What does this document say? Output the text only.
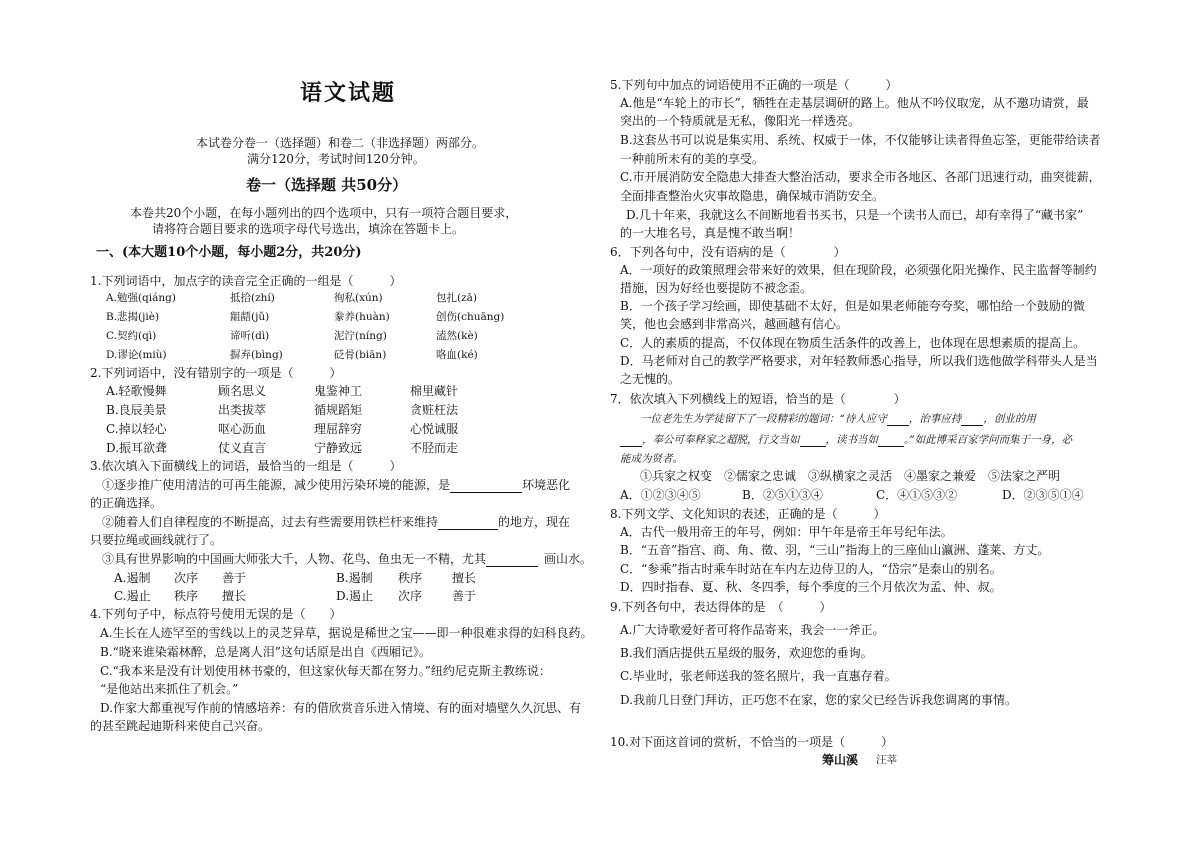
语文试题
本试卷分卷一（选择题）和卷二（非选择题）两部分。
满分120分，考试时间120分钟。
卷一（选择题 共50分）
本卷共20个小题，在每小题列出的四个选项中，只有一项符合题目要求，
请将符合题目要求的选项字母代号选出，填涂在答题卡上。
一、(本大题10个小题，每小题2分，共20分)
1.下列词语中，加点字的读音完全正确的一组是（　　　）
A.勉强(qiáng)	抵拾(zhí)	徇私(xún)	包扎(zā)
B.悲揭(jiè)	龃龉(jǔ)	豢养(huàn)	创伤(chuāng)
C.契约(qì)	谛听(dì)	泥泞(níng)	溘然(kè)
D.谬论(miù)	摒弃(bìng)	砭骨(biān)	咯血(ké)
2.下列词语中，没有错别字的一项是（　　　）
A.轻歌慢舞	顾名思义	鬼鉴神工	棉里藏针
B.良辰美景	出类拔萃	循规蹈矩	贪赃枉法
C.掉以轻心	呕心沥血	理屈辞穷	心悦诚服
D.振耳欲聋	仗义直言	宁静致远	不胫而走
3.依次填入下面横线上的词语，最恰当的一组是（　　　）
①逐步推广使用清洁的可再生能源，减少使用污染环境的能源，是	环境恶化
的正确选择。
②随着人们自律程度的不断提高，过去有些需要用铁栏杆来维持	的地方，现在
只要拉绳或画线就行了。
③具有世界影响的中国画大师张大千，人物、花鸟、鱼虫无一不精，尤其	画山水。
A.遏制 次序 善于	B.遏制 秩序 擅长
C.遏止 秩序 擅长	D.遏止 次序 善于
4.下列句子中，标点符号使用无误的是（　　）
A.生长在人迹罕至的雪线以上的灵芝异草，据说是稀世之宝——即一种很难求得的妇科良药。
B.“晓来谁染霜林醉，总是离人泪”这句话原是出自《西厢记》。
C.“我本来是没有计划使用林书豪的，但这家伙每天都在努力。”纽约尼克斯主教练说：
“是他站出来抓住了机会。”
D.作家大都重视写作前的情感培养：有的借欣赏音乐进入情境、有的面对墙壁久久沉思、有
的甚至跳起迪斯科来使自己兴奋。
5.下列句中加点的词语使用不正确的一项是（　　　）
A.他是“车轮上的市长”，牺牲在走基层调研的路上。他从不吟仪取宠，从不邀功请赏，最
突出的一个特质就是无私，像阳光一样透亮。
B.这套丛书可以说是集实用、系统、权威于一体，不仅能够让读者得鱼忘筌，更能带给读者
一种前所未有的美的享受。
C.市开展消防安全隐患大排查大整治活动，要求全市各地区、各部门迅速行动，曲突徙薪，
全面排查整治火灾事故隐患，确保城市消防安全。
D.几十年来，我就这么不间断地看书买书，只是一个读书人而已，却有幸得了“藏书家”
的一大堆名号，真是愧不敢当啊！
6．下列各句中，没有语病的是（　　　　）
A．一项好的政策照理会带来好的效果，但在现阶段，必须强化阳光操作、民主监督等制约
措施，因为好经也要提防不被念歪。
B．一个孩子学习绘画，即使基础不太好，但是如果老师能夸夸奖，哪怕给一个鼓励的微
笑，他也会感到非常高兴，越画越有信心。
C．人的素质的提高，不仅体现在物质生活条件的改善上，也体现在思想素质的提高上。
D．马老师对自己的教学严格要求，对年轻教师悉心指导，所以我们选他做学科带头人是当
之无愧的。
7．依次填入下列横线上的短语，恰当的是（　　　　）
一位老先生为学徒留下了一段精彩的题词：“待人应守 ，治事应持 ，创业的用
，奉公可奉释家之超脱，行文当如 ，读书当如 。”如此博采百家学问而集于一身，必
能成为贤者。
①兵家之权变　②儒家之忠诚　③纵横家之灵活　④墨家之兼爱　⑤法家之严明
A．①②③④⑤	B．②⑤①③④	C．④①⑤③②	D．②③⑤①④
8.下列文学、文化知识的表述，正确的是（　　　）
A．古代一般用帝王的年号，例如：甲午年是帝王年号纪年法。
B．“五音”指宫、商、角、徵、羽，“三山”指海上的三座仙山瀛洲、蓬莱、方丈。
C．“参乘”指古时乘车时站在车内左边侍卫的人，“岱宗”是泰山的别名。
D．四时指春、夏、秋、冬四季，每个季度的三个月依次为孟、仲、叔。
9.下列各句中，表达得体的是　（　　　）
A.广大诗歌爱好者可将作品寄来，我会一一斧正。
B.我们酒店提供五星级的服务，欢迎您的垂询。
C.毕业时，张老师送我的签名照片，我一直惠存着。
D.我前几日登门拜访，正巧您不在家，您的家父已经告诉我您调离的事情。
10.对下面这首词的赏析，不恰当的一项是（　　　）
筹山溪 汪莘
